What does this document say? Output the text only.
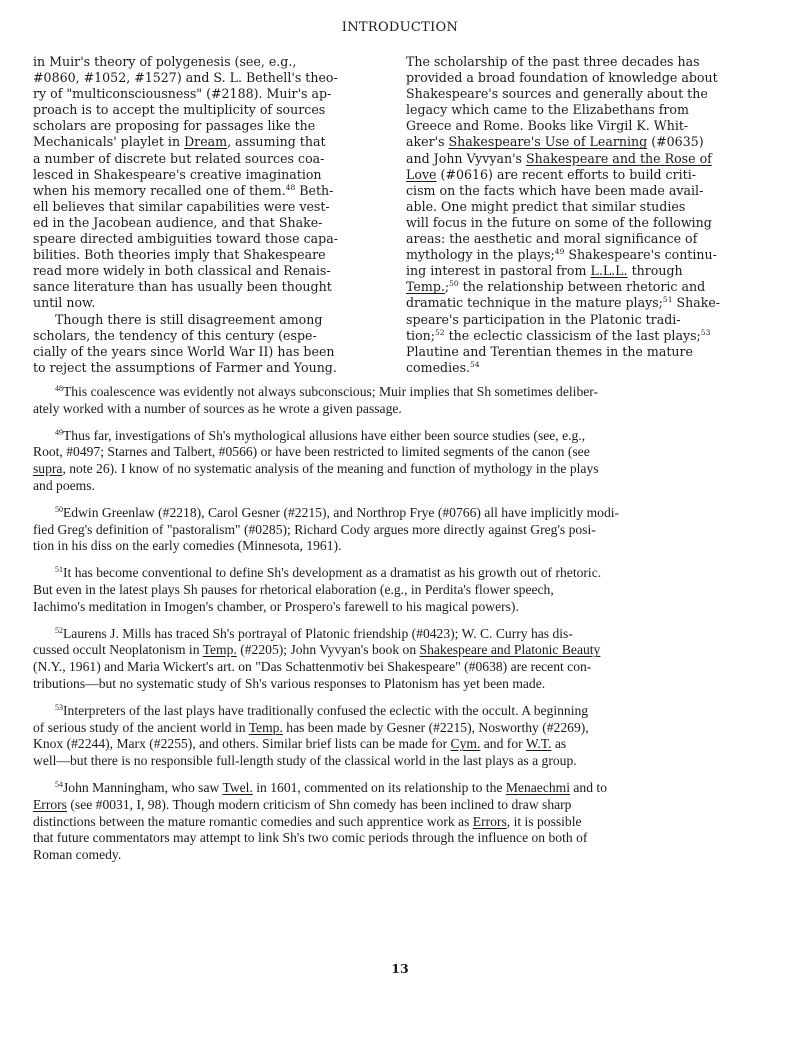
INTRODUCTION
in Muir's theory of polygenesis (see, e.g.,
#0860, #1052, #1527) and S. L. Bethell's theo-
ry of "multiconsciousness" (#2188). Muir's ap-
proach is to accept the multiplicity of sources
scholars are proposing for passages like the
Mechanicals' playlet in Dream, assuming that
a number of discrete but related sources coa-
lesced in Shakespeare's creative imagination
when his memory recalled one of them.$^{48}$ Beth-
ell believes that similar capabilities were vest-
ed in the Jacobean audience, and that Shake-
speare directed ambiguities toward those capa-
bilities. Both theories imply that Shakespeare
read more widely in both classical and Renais-
sance literature than has usually been thought
until now.
Though there is still disagreement among
scholars, the tendency of this century (espe-
cially of the years since World War II) has been
to reject the assumptions of Farmer and Young.
The scholarship of the past three decades has
provided a broad foundation of knowledge about
Shakespeare's sources and generally about the
legacy which came to the Elizabethans from
Greece and Rome. Books like Virgil K. Whit-
aker's Shakespeare's Use of Learning (#0635)
and John Vyvyan's Shakespeare and the Rose of
Love (#0616) are recent efforts to build criti-
cism on the facts which have been made avail-
able. One might predict that similar studies
will focus in the future on some of the following
areas: the aesthetic and moral significance of
mythology in the plays;$^{49}$ Shakespeare's continu-
ing interest in pastoral from L.L.L. through
Temp.;$^{50}$ the relationship between rhetoric and
dramatic technique in the mature plays;$^{51}$ Shake-
speare's participation in the Platonic tradi-
tion;$^{52}$ the eclectic classicism of the last plays;$^{53}$
Plautine and Terentian themes in the mature
comedies.$^{54}$
$^{48}$This coalescence was evidently not always subconscious; Muir implies that Sh sometimes deliber-
ately worked with a number of sources as he wrote a given passage.
$^{49}$Thus far, investigations of Sh's mythological allusions have either been source studies (see, e.g.,
Root, #0497; Starnes and Talbert, #0566) or have been restricted to limited segments of the canon (see
supra, note 26). I know of no systematic analysis of the meaning and function of mythology in the plays
and poems.
$^{50}$Edwin Greenlaw (#2218), Carol Gesner (#2215), and Northrop Frye (#0766) all have implicitly modi-
fied Greg's definition of "pastoralism" (#0285); Richard Cody argues more directly against Greg's posi-
tion in his diss on the early comedies (Minnesota, 1961).
$^{51}$It has become conventional to define Sh's development as a dramatist as his growth out of rhetoric.
But even in the latest plays Sh pauses for rhetorical elaboration (e.g., in Perdita's flower speech,
Iachimo's meditation in Imogen's chamber, or Prospero's farewell to his magical powers).
$^{52}$Laurens J. Mills has traced Sh's portrayal of Platonic friendship (#0423); W. C. Curry has dis-
cussed occult Neoplatonism in Temp. (#2205); John Vyvyan's book on Shakespeare and Platonic Beauty
(N.Y., 1961) and Maria Wickert's art. on "Das Schattenmotiv bei Shakespeare" (#0638) are recent con-
tributions—but no systematic study of Sh's various responses to Platonism has yet been made.
$^{53}$Interpreters of the last plays have traditionally confused the eclectic with the occult. A beginning
of serious study of the ancient world in Temp. has been made by Gesner (#2215), Nosworthy (#2269),
Knox (#2244), Marx (#2255), and others. Similar brief lists can be made for Cym. and for W.T. as
well—but there is no responsible full-length study of the classical world in the last plays as a group.
$^{54}$John Manningham, who saw Twel. in 1601, commented on its relationship to the Menaechmi and to
Errors (see #0031, I, 98). Though modern criticism of Shn comedy has been inclined to draw sharp
distinctions between the mature romantic comedies and such apprentice work as Errors, it is possible
that future commentators may attempt to link Sh's two comic periods through the influence on both of
Roman comedy.
13
